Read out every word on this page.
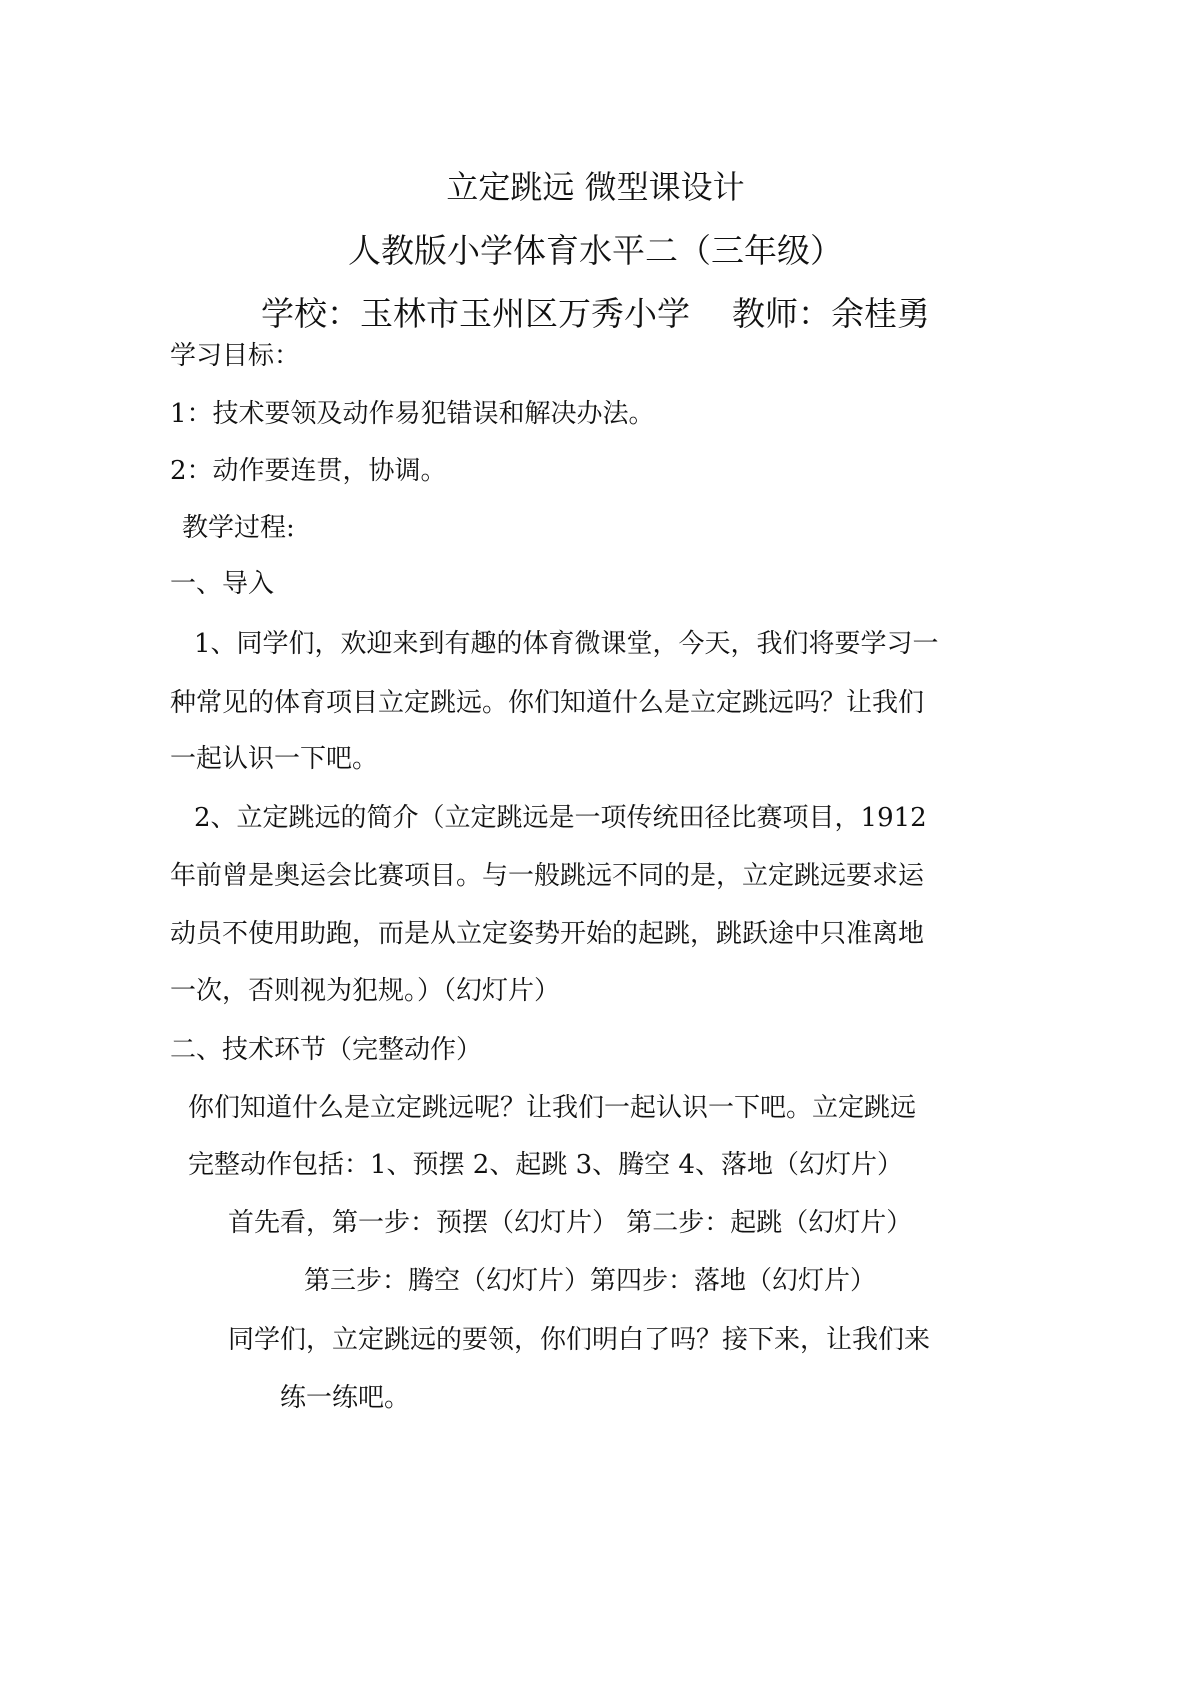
立定跳远 微型课设计
人教版小学体育水平二（三年级）
学校：玉林市玉州区万秀小学 教师：余桂勇
学习目标：
1：技术要领及动作易犯错误和解决办法。
2：动作要连贯，协调。
教学过程:
一、导入
1、同学们，欢迎来到有趣的体育微课堂，今天，我们将要学习一
种常见的体育项目立定跳远。你们知道什么是立定跳远吗？让我们
一起认识一下吧。
2、立定跳远的简介（立定跳远是一项传统田径比赛项目，1912
年前曾是奥运会比赛项目。与一般跳远不同的是，立定跳远要求运
动员不使用助跑，而是从立定姿势开始的起跳，跳跃途中只准离地
一次，否则视为犯规。）（幻灯片）
二、技术环节（完整动作）
你们知道什么是立定跳远呢？让我们一起认识一下吧。立定跳远
完整动作包括：1、预摆 2、起跳 3、腾空 4、落地（幻灯片）
首先看，第一步：预摆（幻灯片） 第二步：起跳（幻灯片）
第三步：腾空（幻灯片）第四步：落地（幻灯片）
同学们，立定跳远的要领，你们明白了吗？接下来，让我们来
练一练吧。
